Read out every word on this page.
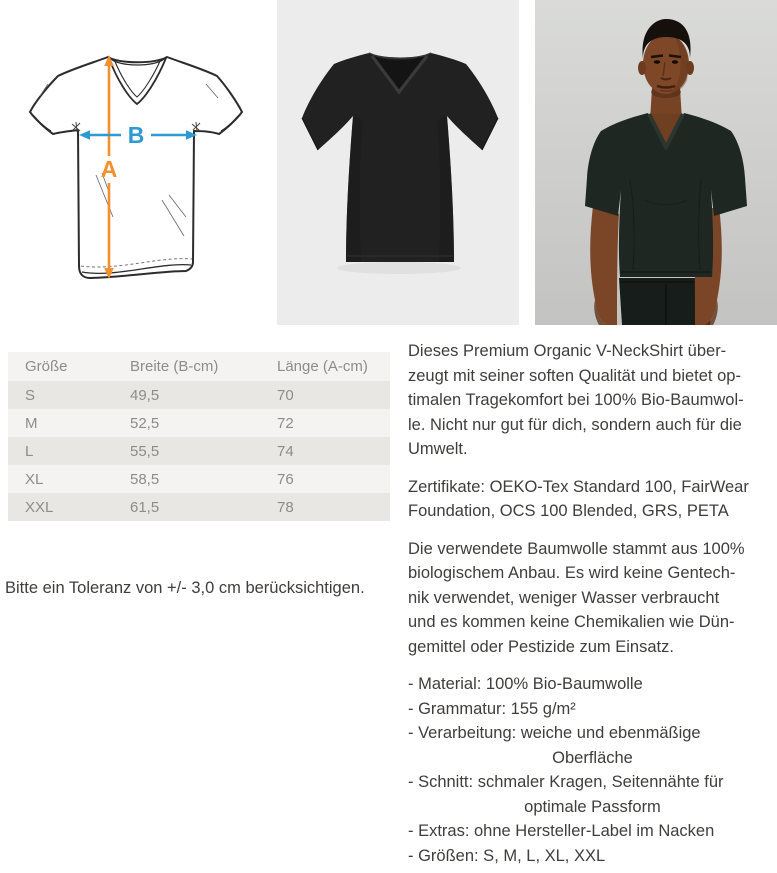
A
B
Größe	Breite (B-cm)	Länge (A-cm)
S	49,5	70
M	52,5	72
L	55,5	74
XL	58,5	76
XXL	61,5	78

Bitte ein Toleranz von +/- 3,0 cm berücksichtigen.

Dieses Premium Organic V-NeckShirt über-
zeugt mit seiner soften Qualität und bietet op-
timalen Tragekomfort bei 100% Bio-Baumwol-
le. Nicht nur gut für dich, sondern auch für die
Umwelt.

Zertifikate: OEKO-Tex Standard 100, FairWear
Foundation, OCS 100 Blended, GRS, PETA

Die verwendete Baumwolle stammt aus 100%
biologischem Anbau. Es wird keine Gentech-
nik verwendet, weniger Wasser verbraucht
und es kommen keine Chemikalien wie Dün-
gemittel oder Pestizide zum Einsatz.

- Material: 100% Bio-Baumwolle
- Grammatur: 155 g/m²
- Verarbeitung: weiche und ebenmäßige
Oberfläche
- Schnitt: schmaler Kragen, Seitennähte für
optimale Passform
- Extras: ohne Hersteller-Label im Nacken
- Größen: S, M, L, XL, XXL
